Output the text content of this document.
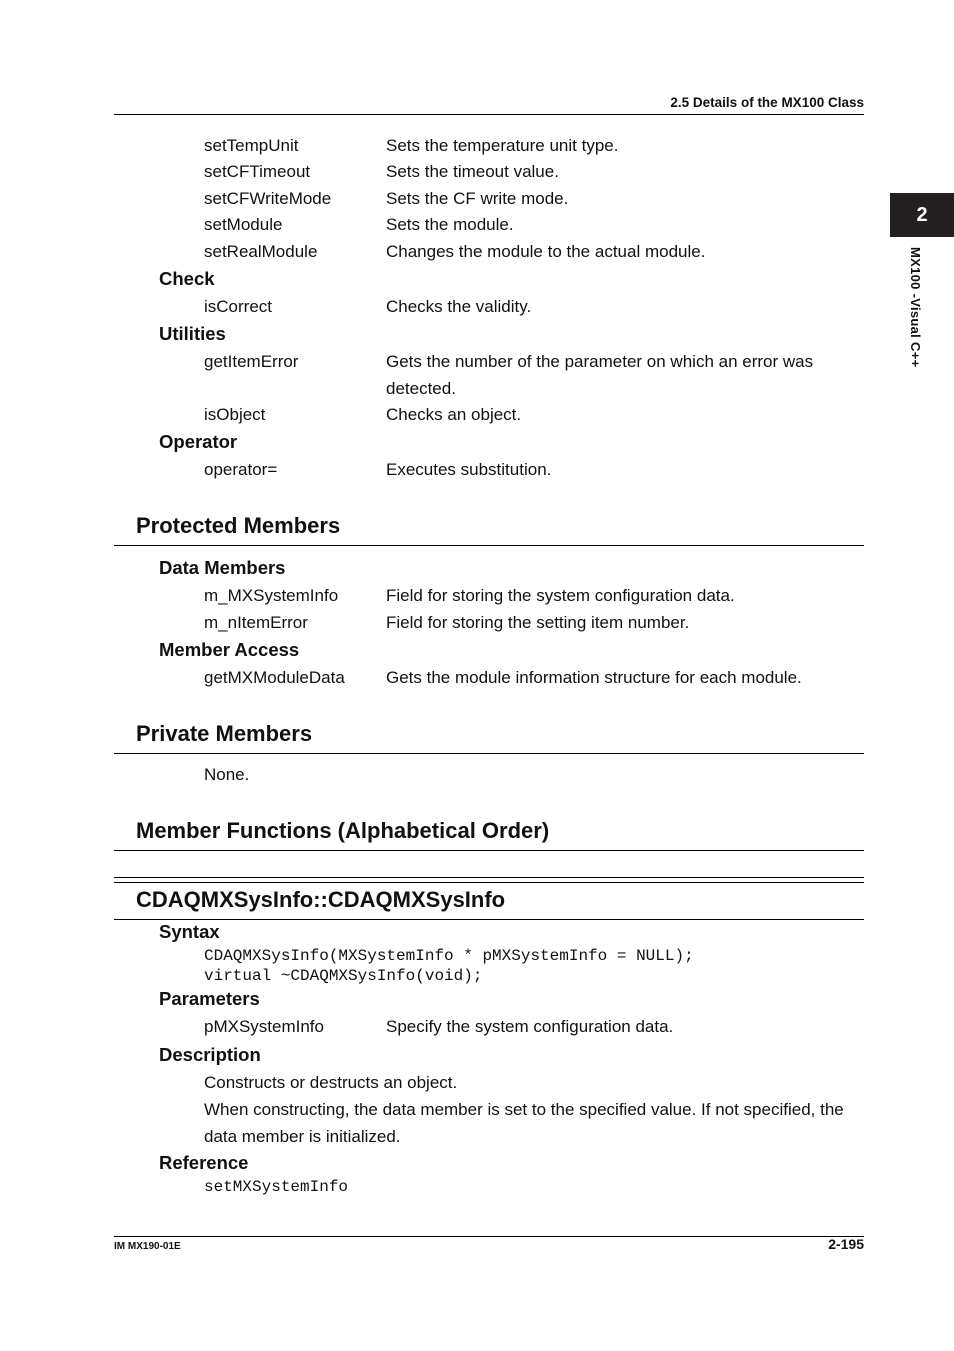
2.5 Details of the MX100 Class
2
MX100 -Visual C++
setTempUnit	Sets the temperature unit type.
setCFTimeout	Sets the timeout value.
setCFWriteMode	Sets the CF write mode.
setModule	Sets the module.
setRealModule	Changes the module to the actual module.
Check
isCorrect	Checks the validity.
Utilities
getItemError	Gets the number of the parameter on which an error was detected.
isObject	Checks an object.
Operator
operator=	Executes substitution.
Protected Members
Data Members
m_MXSystemInfo	Field for storing the system configuration data.
m_nItemError	Field for storing the setting item number.
Member Access
getMXModuleData Gets the module information structure for each module.
Private Members
None.
Member Functions (Alphabetical Order)
CDAQMXSysInfo::CDAQMXSysInfo
Syntax
CDAQMXSysInfo(MXSystemInfo * pMXSystemInfo = NULL);
virtual ~CDAQMXSysInfo(void);
Parameters
pMXSystemInfo	Specify the system configuration data.
Description
Constructs or destructs an object.
When constructing, the data member is set to the specified value. If not specified, the data member is initialized.
Reference
setMXSystemInfo
IM MX190-01E	2-195
